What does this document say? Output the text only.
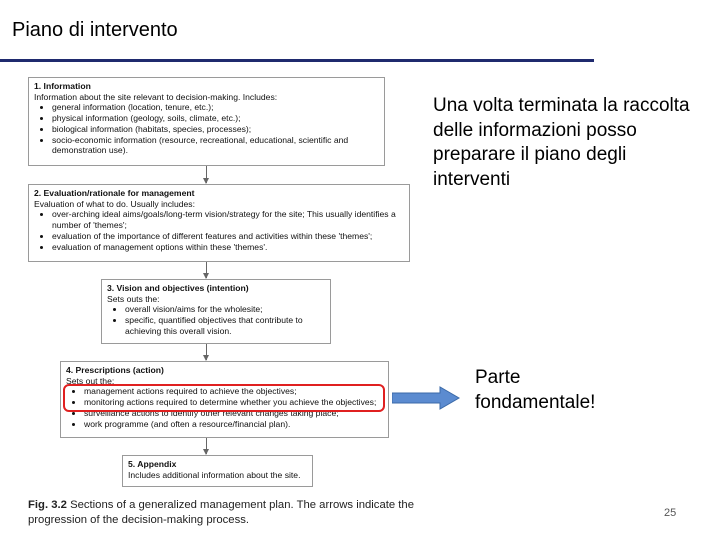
Piano di intervento
1. Information
Information about the site relevant to decision-making. Includes:
• general information (location, tenure, etc.);
• physical information (geology, soils, climate, etc.);
• biological information (habitats, species, processes);
• socio-economic information (resource, recreational, educational, scientific and demonstration use).
2. Evaluation/rationale for management
Evaluation of what to do. Usually includes:
• over-arching ideal aims/goals/long-term vision/strategy for the site; This usually identifies a number of 'themes';
• evaluation of the importance of different features and activities within these 'themes';
• evaluation of management options within these 'themes'.
3. Vision and objectives (intention)
Sets outs the:
• overall vision/aims for the wholesite;
• specific, quantified objectives that contribute to achieving this overall vision.
4. Prescriptions (action)
Sets out the:
• management actions required to achieve the objectives;
• monitoring actions required to determine whether you achieve the objectives;
• surveillance actions to identify other relevant changes taking place;
• work programme (and often a resource/financial plan).
5. Appendix
Includes additional information about the site.
Fig. 3.2 Sections of a generalized management plan. The arrows indicate the progression of the decision-making process.
Una volta terminata la raccolta delle informazioni posso preparare il piano degli interventi
Parte fondamentale!
25
